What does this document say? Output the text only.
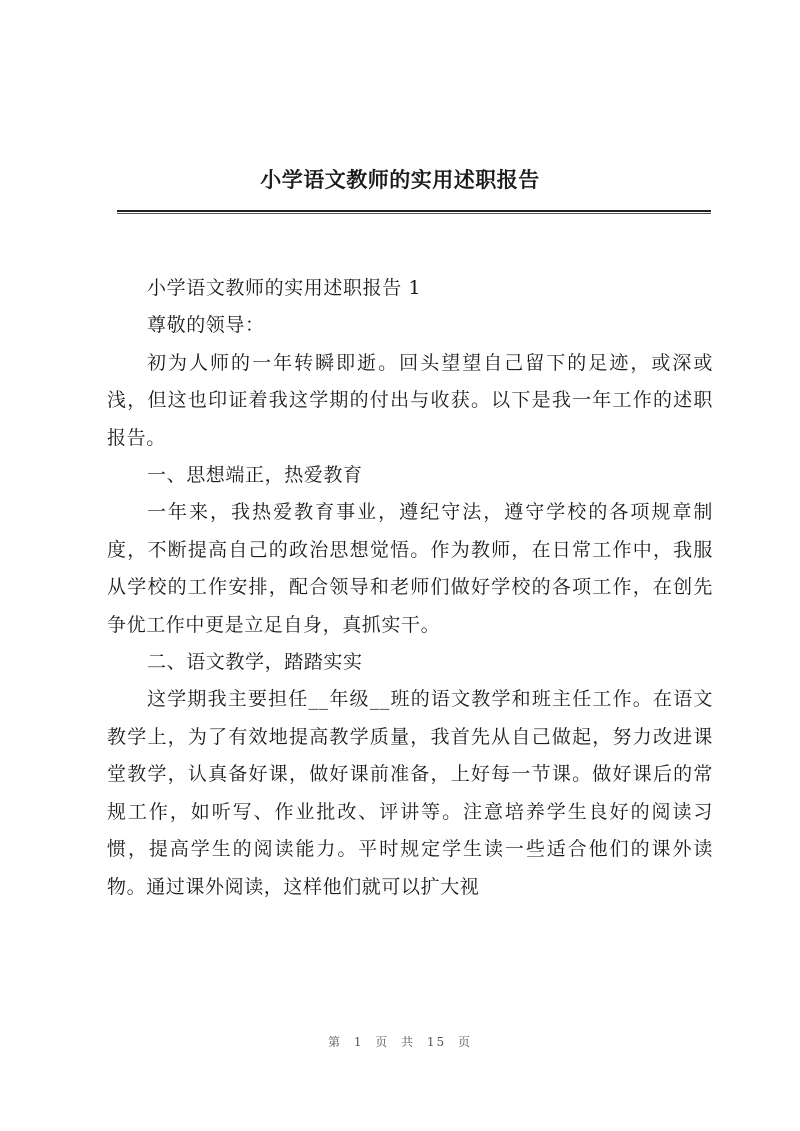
小学语文教师的实用述职报告

小学语文教师的实用述职报告 1

尊敬的领导：

初为人师的一年转瞬即逝。回头望望自己留下的足迹，或深或浅，但这也印证着我这学期的付出与收获。以下是我一年工作的述职报告。

一、思想端正，热爱教育

一年来，我热爱教育事业，遵纪守法，遵守学校的各项规章制度，不断提高自己的政治思想觉悟。作为教师，在日常工作中，我服从学校的工作安排，配合领导和老师们做好学校的各项工作，在创先争优工作中更是立足自身，真抓实干。

二、语文教学，踏踏实实

这学期我主要担任__年级__班的语文教学和班主任工作。在语文教学上，为了有效地提高教学质量，我首先从自己做起，努力改进课堂教学，认真备好课，做好课前准备，上好每一节课。做好课后的常规工作，如听写、作业批改、评讲等。注意培养学生良好的阅读习惯，提高学生的阅读能力。平时规定学生读一些适合他们的课外读物。通过课外阅读，这样他们就可以扩大视

第 1 页 共 15 页
